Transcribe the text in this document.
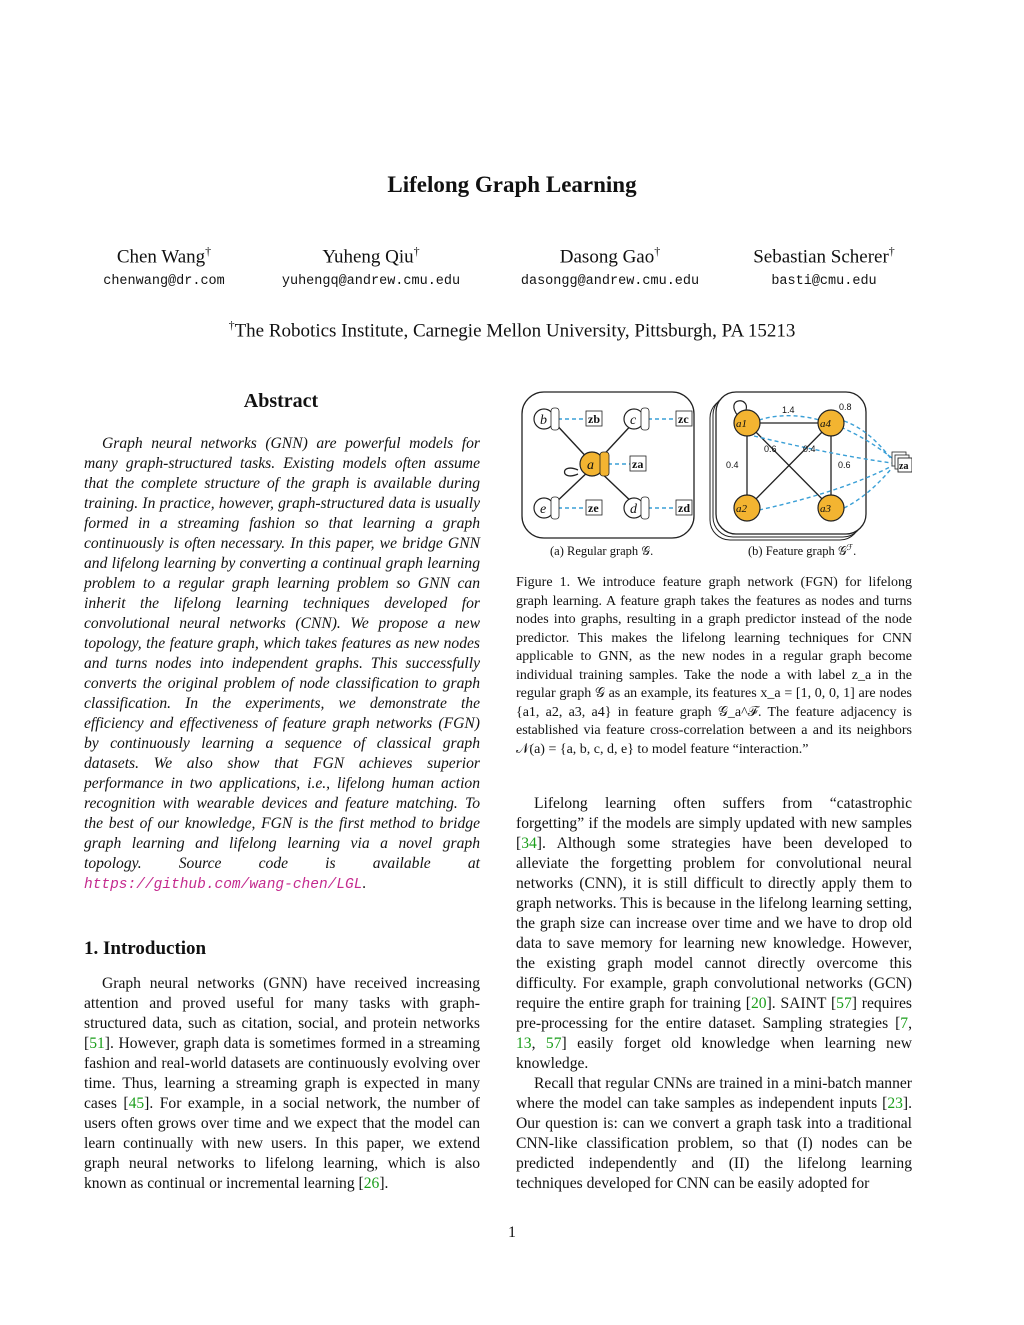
Lifelong Graph Learning
Chen Wang†
chenwang@dr.com
Yuheng Qiu†
yuhengq@andrew.cmu.edu
Dasong Gao†
dasongg@andrew.cmu.edu
Sebastian Scherer†
basti@cmu.edu
†The Robotics Institute, Carnegie Mellon University, Pittsburgh, PA 15213
Abstract

Graph neural networks (GNN) are powerful models for many graph-structured tasks. Existing models often assume that the complete structure of the graph is available during training. In practice, however, graph-structured data is usually formed in a streaming fashion so that learning a graph continuously is often necessary. In this paper, we bridge GNN and lifelong learning by converting a continual graph learning problem to a regular graph learning problem so GNN can inherit the lifelong learning techniques developed for convolutional neural networks (CNN). We propose a new topology, the feature graph, which takes features as new nodes and turns nodes into independent graphs. This successfully converts the original problem of node classification to graph classification. In the experiments, we demonstrate the efficiency and effectiveness of feature graph networks (FGN) by continuously learning a sequence of classical graph datasets. We also show that FGN achieves superior performance in two applications, i.e., lifelong human action recognition with wearable devices and feature matching. To the best of our knowledge, FGN is the first method to bridge graph learning and lifelong learning via a novel graph topology. Source code is available at https://github.com/wang-chen/LGL.

1. Introduction

Graph neural networks (GNN) have received increasing attention and proved useful for many tasks with graph-structured data, such as citation, social, and protein networks [51]. However, graph data is sometimes formed in a streaming fashion and real-world datasets are continuously evolving over time. Thus, learning a streaming graph is expected in many cases [45]. For example, in a social network, the number of users often grows over time and we expect that the model can learn continually with new users. In this paper, we extend graph neural networks to lifelong learning, which is also known as continual or incremental learning [26].

Lifelong learning often suffers from “catastrophic forgetting” if the models are simply updated with new samples [34]. Although some strategies have been developed to alleviate the forgetting problem for convolutional neural networks (CNN), it is still difficult to directly apply them to graph networks. This is because in the lifelong learning setting, the graph size can increase over time and we have to drop old data to save memory for learning new knowledge. However, the existing graph model cannot directly overcome this difficulty. For example, graph convolutional networks (GCN) require the entire graph for training [20]. SAINT [57] requires pre-processing for the entire dataset. Sampling strategies [7, 13, 57] easily forget old knowledge when learning new knowledge.

Recall that regular CNNs are trained in a mini-batch manner where the model can take samples as independent inputs [23]. Our question is: can we convert a graph task into a traditional CNN-like classification problem, so that (I) nodes can be predicted independently and (II) the lifelong learning techniques developed for CNN can be easily adopted for

b	c
a
e	d
zb	zc
za
ze	zd
a1	a4
a2	a3
1.4	0.8
0.6	0.4
0.4	0.6	za
(a) Regular graph 𝒢.	(b) Feature graph 𝒢$^ℱ$.
Figure 1. We introduce feature graph network (FGN) for lifelong graph learning. A feature graph takes the features as nodes and turns nodes into graphs, resulting in a graph predictor instead of the node predictor. This makes the lifelong learning techniques for CNN applicable to GNN, as the new nodes in a regular graph become individual training samples. Take the node a with label z_a in the regular graph 𝒢 as an example, its features x_a = [1, 0, 0, 1] are nodes {a1, a2, a3, a4} in feature graph 𝒢_a^ℱ. The feature adjacency is established via feature cross-correlation between a and its neighbors 𝒩(a) = {a, b, c, d, e} to model feature “interaction.”
1
